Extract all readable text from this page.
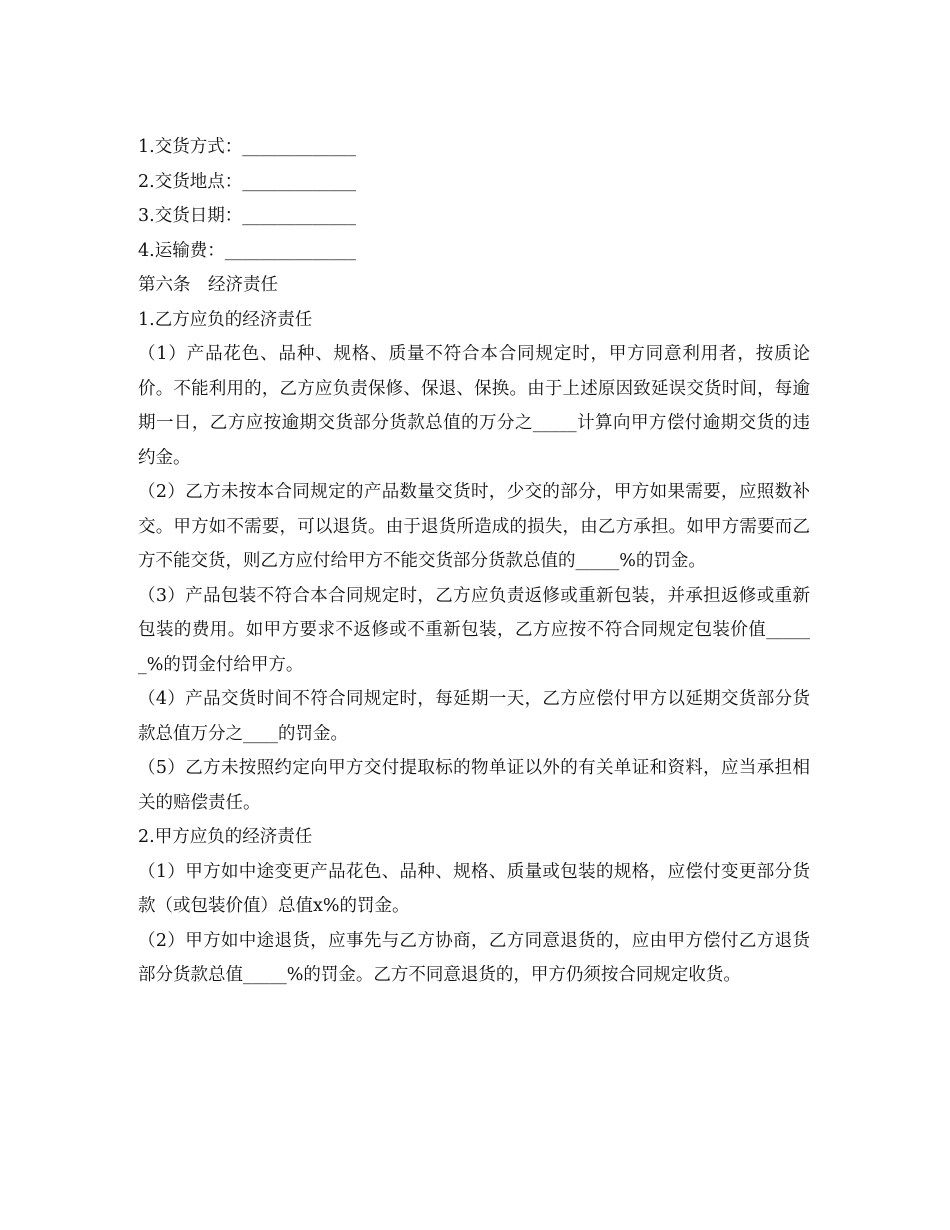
1.交货方式：_____________

2.交货地点：_____________

3.交货日期：_____________

4.运输费：_______________

第六条　经济责任

1.乙方应负的经济责任

（1）产品花色、品种、规格、质量不符合本合同规定时，甲方同意利用者，按质论价。不能利用的，乙方应负责保修、保退、保换。由于上述原因致延误交货时间，每逾期一日，乙方应按逾期交货部分货款总值的万分之_____计算向甲方偿付逾期交货的违约金。

（2）乙方未按本合同规定的产品数量交货时，少交的部分，甲方如果需要，应照数补交。甲方如不需要，可以退货。由于退货所造成的损失，由乙方承担。如甲方需要而乙方不能交货，则乙方应付给甲方不能交货部分货款总值的_____%的罚金。

（3）产品包装不符合本合同规定时，乙方应负责返修或重新包装，并承担返修或重新包装的费用。如甲方要求不返修或不重新包装，乙方应按不符合同规定包装价值______%的罚金付给甲方。

（4）产品交货时间不符合同规定时，每延期一天，乙方应偿付甲方以延期交货部分货款总值万分之____的罚金。

（5）乙方未按照约定向甲方交付提取标的物单证以外的有关单证和资料，应当承担相关的赔偿责任。

2.甲方应负的经济责任

（1）甲方如中途变更产品花色、品种、规格、质量或包装的规格，应偿付变更部分货款（或包装价值）总值x%的罚金。

（2）甲方如中途退货，应事先与乙方协商，乙方同意退货的，应由甲方偿付乙方退货部分货款总值_____%的罚金。乙方不同意退货的，甲方仍须按合同规定收货。
